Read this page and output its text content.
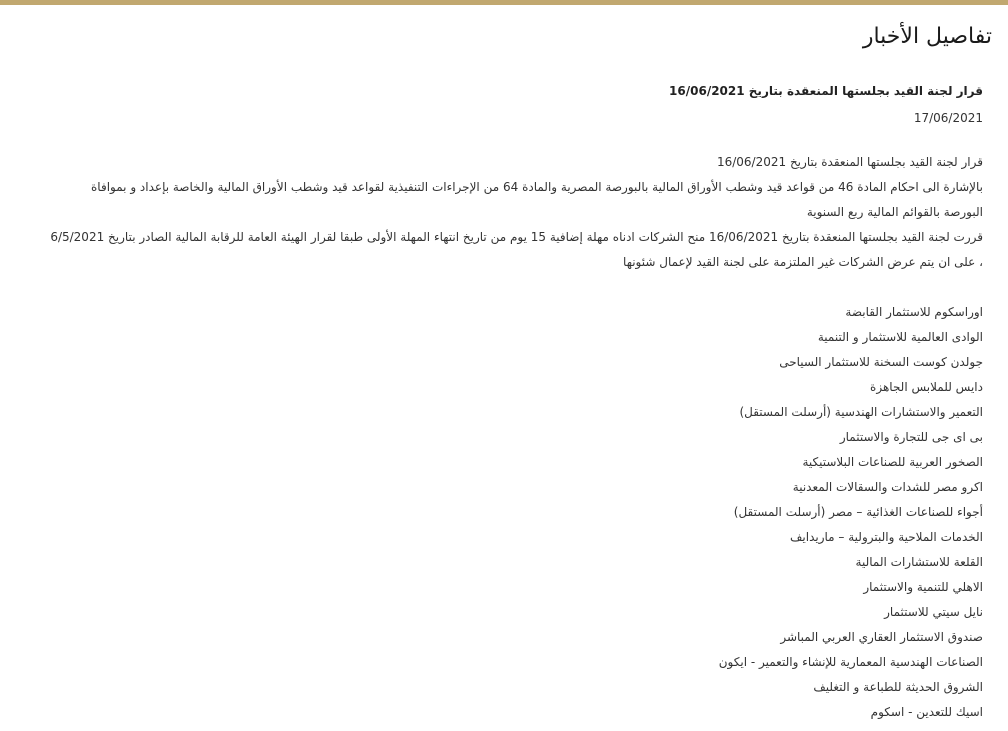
تفاصيل الأخبار
قرار لجنة القيد بجلستها المنعقدة بتاريخ 16/06/2021
17/06/2021

قرار لجنة القيد بجلستها المنعقدة بتاريخ 16/06/2021

بالإشارة الى احكام المادة 46 من قواعد قيد وشطب الأوراق المالية بالبورصة المصرية والمادة 64 من الإجراءات التنفيذية لقواعد قيد وشطب الأوراق المالية والخاصة بإعداد و بموافاة البورصة بالقوائم المالية ربع السنوية

قررت لجنة القيد بجلستها المنعقدة بتاريخ 16/06/2021 منح الشركات ادناه مهلة إضافية 15 يوم من تاريخ انتهاء المهلة الأولى طبقا لقرار الهيئة العامة للرقابة المالية الصادر بتاريخ 6/5/2021 ، على ان يتم عرض الشركات غير الملتزمة على لجنة القيد لإعمال شئونها

اوراسكوم للاستثمار القابضة
الوادى العالمية للاستثمار و التنمية
جولدن كوست السخنة للاستثمار السياحى
دايس للملابس الجاهزة
التعمير والاستشارات الهندسية (أرسلت المستقل)
بى اى جى للتجارة والاستثمار
الصخور العربية للصناعات البلاستيكية
اكرو مصر للشدات والسقالات المعدنية
أجواء للصناعات الغذائية – مصر (أرسلت المستقل)
الخدمات الملاحية والبترولية – ماريدايف
القلعة للاستشارات المالية
الاهلي للتنمية والاستثمار
نايل سيتي للاستثمار
صندوق الاستثمار العقاري العربي المباشر
الصناعات الهندسية المعمارية للإنشاء والتعمير - ايكون
الشروق الحديثة للطباعة و التغليف
اسيك للتعدين - اسكوم
